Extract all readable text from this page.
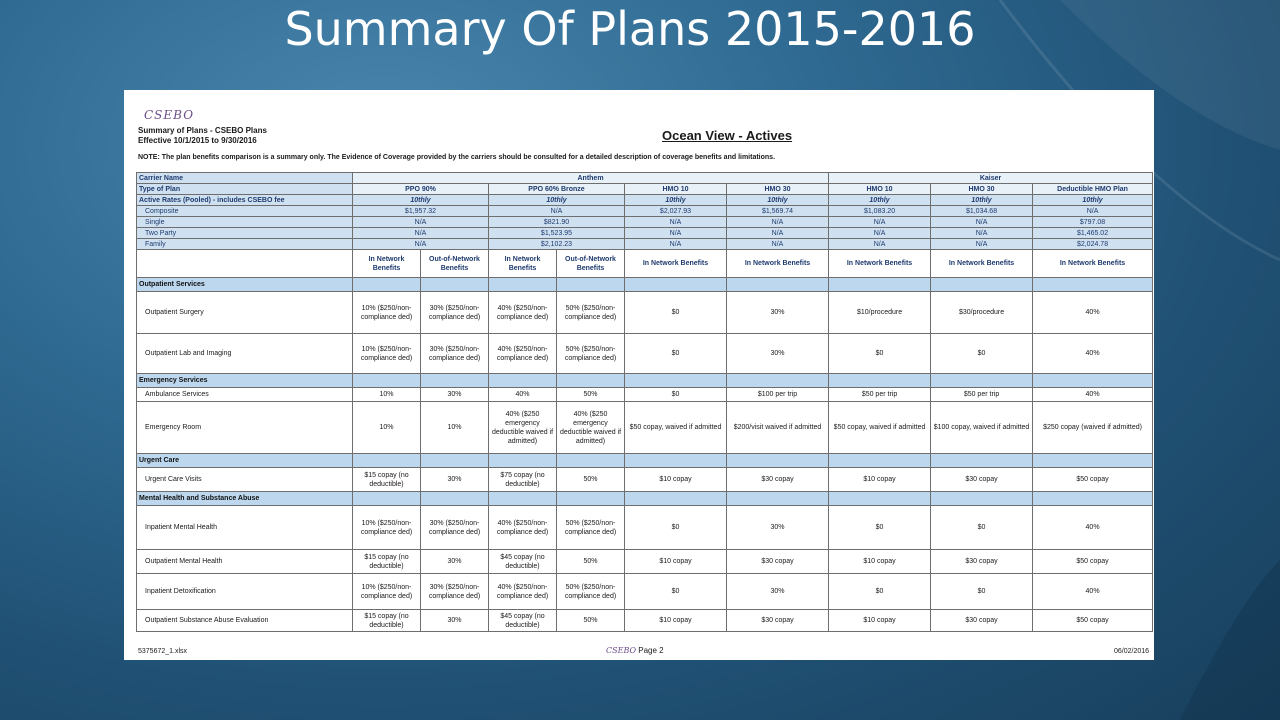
Summary Of Plans 2015-2016
CSEBO
Summary of Plans - CSEBO Plans
Effective 10/1/2015 to 9/30/2016	Ocean View - Actives
NOTE: The plan benefits comparison is a summary only. The Evidence of Coverage provided by the carriers should be consulted for a detailed description of coverage benefits and limitations.
Carrier Name	Anthem						Kaiser		
Type of Plan	PPO 90%		PPO 60% Bronze		HMO 10	HMO 30	HMO 10	HMO 30	Deductible HMO Plan
Active Rates (Pooled) - includes CSEBO fee	10thly		10thly		10thly	10thly	10thly	10thly	10thly
Composite	$1,957.32		N/A		$2,027.93	$1,569.74	$1,083.20	$1,034.68	N/A
Single	N/A		$821.90		N/A	N/A	N/A	N/A	$797.08
Two Party	N/A		$1,523.95		N/A	N/A	N/A	N/A	$1,465.02
Family	N/A		$2,102.23		N/A	N/A	N/A	N/A	$2,024.78
	In Network Benefits	Out-of-Network Benefits	In Network Benefits	Out-of-Network Benefits	In Network Benefits	In Network Benefits	In Network Benefits	In Network Benefits	In Network Benefits
Outpatient Services									
Outpatient Surgery	10% ($250/non-compliance ded)	30% ($250/non-compliance ded)	40% ($250/non-compliance ded)	50% ($250/non-compliance ded)	$0	30%	$10/procedure	$30/procedure	40%
Outpatient Lab and Imaging	10% ($250/non-compliance ded)	30% ($250/non-compliance ded)	40% ($250/non-compliance ded)	50% ($250/non-compliance ded)	$0	30%	$0	$0	40%
Emergency Services									
Ambulance Services	10%	30%	40%	50%	$0	$100 per trip	$50 per trip	$50 per trip	40%
Emergency Room	10%	10%	40% ($250 emergency deductible waived if admitted)	40% ($250 emergency deductible waived if admitted)	$50 copay, waived if admitted	$200/visit waived if admitted	$50 copay, waived if admitted	$100 copay, waived if admitted	$250 copay (waived if admitted)
Urgent Care									
Urgent Care Visits	$15 copay (no deductible)	30%	$75 copay (no deductible)	50%	$10 copay	$30 copay	$10 copay	$30 copay	$50 copay
Mental Health and Substance Abuse									
Inpatient Mental Health	10% ($250/non-compliance ded)	30% ($250/non-compliance ded)	40% ($250/non-compliance ded)	50% ($250/non-compliance ded)	$0	30%	$0	$0	40%
Outpatient Mental Health	$15 copay (no deductible)	30%	$45 copay (no deductible)	50%	$10 copay	$30 copay	$10 copay	$30 copay	$50 copay
Inpatient Detoxification	10% ($250/non-compliance ded)	30% ($250/non-compliance ded)	40% ($250/non-compliance ded)	50% ($250/non-compliance ded)	$0	30%	$0	$0	40%
Outpatient Substance Abuse Evaluation	$15 copay (no deductible)	30%	$45 copay (no deductible)	50%	$10 copay	$30 copay	$10 copay	$30 copay	$50 copay
5375672_1.xlsx	CSEBO Page 2	06/02/2016
